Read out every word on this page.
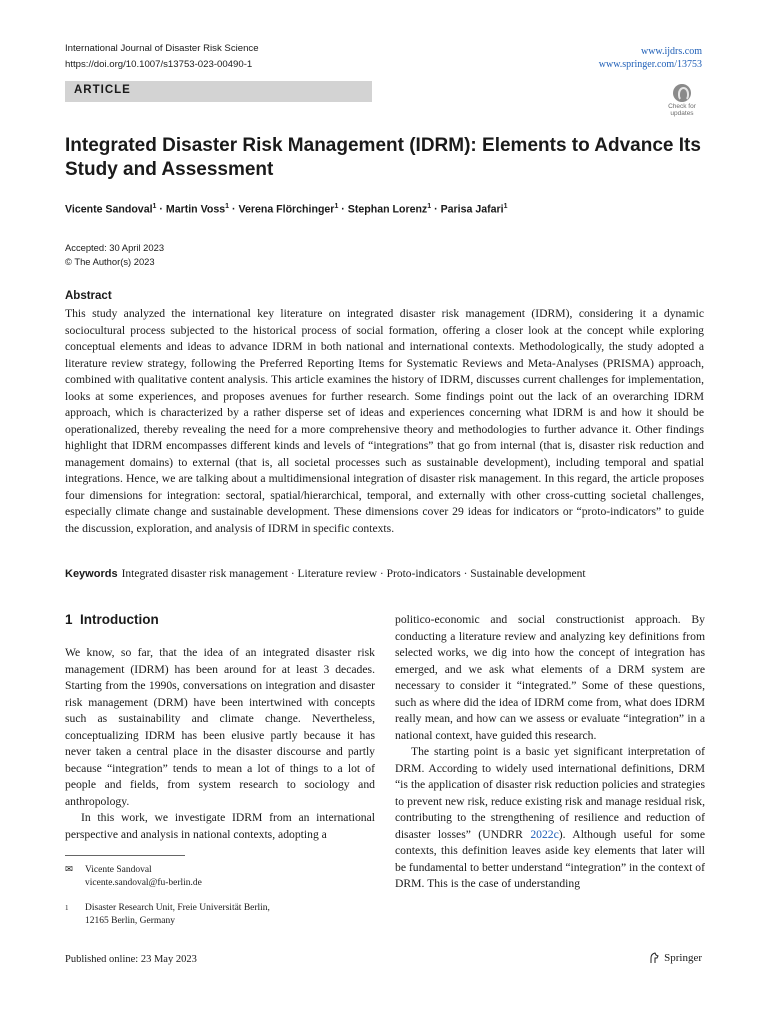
International Journal of Disaster Risk Science
https://doi.org/10.1007/s13753-023-00490-1
www.ijdrs.com
www.springer.com/13753
ARTICLE
Check for
updates
Integrated Disaster Risk Management (IDRM): Elements to Advance Its Study and Assessment
Vicente Sandoval$^1$ · Martin Voss$^1$ · Verena Flörchinger$^1$ · Stephan Lorenz$^1$ · Parisa Jafari$^1$
Accepted: 30 April 2023
© The Author(s) 2023
Abstract
This study analyzed the international key literature on integrated disaster risk management (IDRM), considering it a dynamic sociocultural process subjected to the historical process of social formation, offering a closer look at the concept while exploring conceptual elements and ideas to advance IDRM in both national and international contexts. Methodologically, the study adopted a literature review strategy, following the Preferred Reporting Items for Systematic Reviews and Meta-Analyses (PRISMA) approach, combined with qualitative content analysis. This article examines the history of IDRM, discusses current challenges for implementation, looks at some experiences, and proposes avenues for further research. Some findings point out the lack of an overarching IDRM approach, which is characterized by a rather disperse set of ideas and experiences concerning what IDRM is and how it should be operationalized, thereby revealing the need for a more comprehensive theory and methodologies to further advance it. Other findings highlight that IDRM encompasses different kinds and levels of “integrations” that go from internal (that is, disaster risk reduction and management domains) to external (that is, all societal processes such as sustainable development), including temporal and spatial integrations. Hence, we are talking about a multidimensional integration of disaster risk management. In this regard, the article proposes four dimensions for integration: sectoral, spatial/hierarchical, temporal, and externally with other cross-cutting societal challenges, especially climate change and sustainable development. These dimensions cover 29 ideas for indicators or “proto-indicators” to guide the discussion, exploration, and analysis of IDRM in specific contexts.
Keywords Integrated disaster risk management · Literature review · Proto-indicators · Sustainable development
1 Introduction

We know, so far, that the idea of an integrated disaster risk management (IDRM) has been around for at least 3 decades. Starting from the 1990s, conversations on integration and disaster risk management (DRM) have been intertwined with concepts such as sustainability and climate change. Nevertheless, conceptualizing IDRM has been elusive partly because it has never taken a central place in the disaster discourse and partly because “integration” tends to mean a lot of things to a lot of people and fields, from system research to sociology and anthropology.

In this work, we investigate IDRM from an international perspective and analysis in national contexts, adopting a

politico-economic and social constructionist approach. By conducting a literature review and analyzing key definitions from selected works, we dig into how the concept of integration has emerged, and we ask what elements of a DRM system are necessary to consider it “integrated.” Some of these questions, such as where did the idea of IDRM come from, what does IDRM really mean, and how can we assess or evaluate “integration” in a national context, have guided this research.

The starting point is a basic yet significant interpretation of DRM. According to widely used international definitions, DRM “is the application of disaster risk reduction policies and strategies to prevent new risk, reduce existing risk and manage residual risk, contributing to the strengthening of resilience and reduction of disaster losses” (UNDRR 2022c). Although useful for some contexts, this definition leaves aside key elements that later will be fundamental to better understand “integration” in the context of DRM. This is the case of understanding

✉ Vicente Sandoval
vicente.sandoval@fu-berlin.de
1 Disaster Research Unit, Freie Universität Berlin,
12165 Berlin, Germany
Published online: 23 May 2023	Springer
